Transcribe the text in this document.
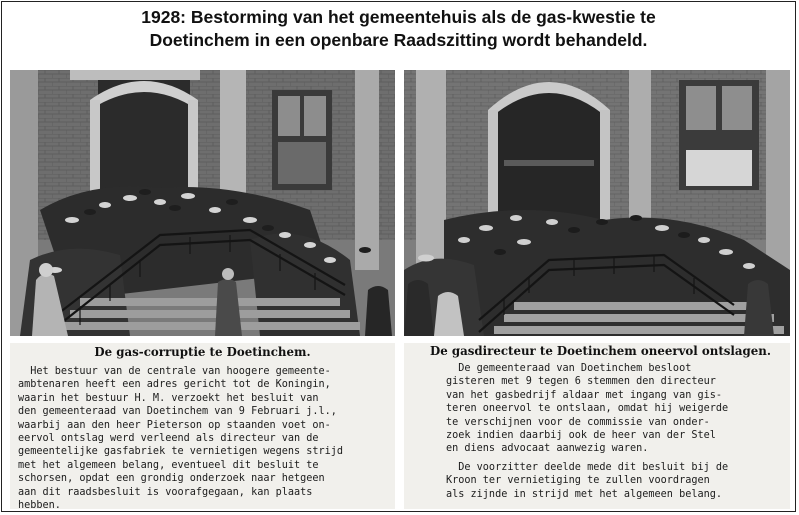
1928: Bestorming van het gemeentehuis als de gas-kwestie te
Doetinchem in een openbare Raadszitting wordt behandeld.
De gas-corruptie te Doetinchem.
Het bestuur van de centrale van hoogere gemeente-
ambtenaren heeft een adres gericht tot de Koningin,
waarin het bestuur H. M. verzoekt het besluit van
den gemeenteraad van Doetinchem van 9 Februari j.l.,
waarbij aan den heer Pieterson op staanden voet on-
eervol ontslag werd verleend als directeur van de
gemeentelijke gasfabriek te vernietigen wegens strijd
met het algemeen belang, eventueel dit besluit te
schorsen, opdat een grondig onderzoek naar hetgeen
aan dit raadsbesluit is voorafgegaan, kan plaats
hebben.
De gasdirecteur te Doetinchem oneervol ontslagen.
De gemeenteraad van Doetinchem besloot
gisteren met 9 tegen 6 stemmen den directeur
van het gasbedrijf aldaar met ingang van gis-
teren oneervol te ontslaan, omdat hij weigerde
te verschijnen voor de commissie van onder-
zoek indien daarbij ook de heer van der Stel
en diens advocaat aanwezig waren.
De voorzitter deelde mede dit besluit bij de
Kroon ter vernietiging te zullen voordragen
als zijnde in strijd met het algemeen belang.
